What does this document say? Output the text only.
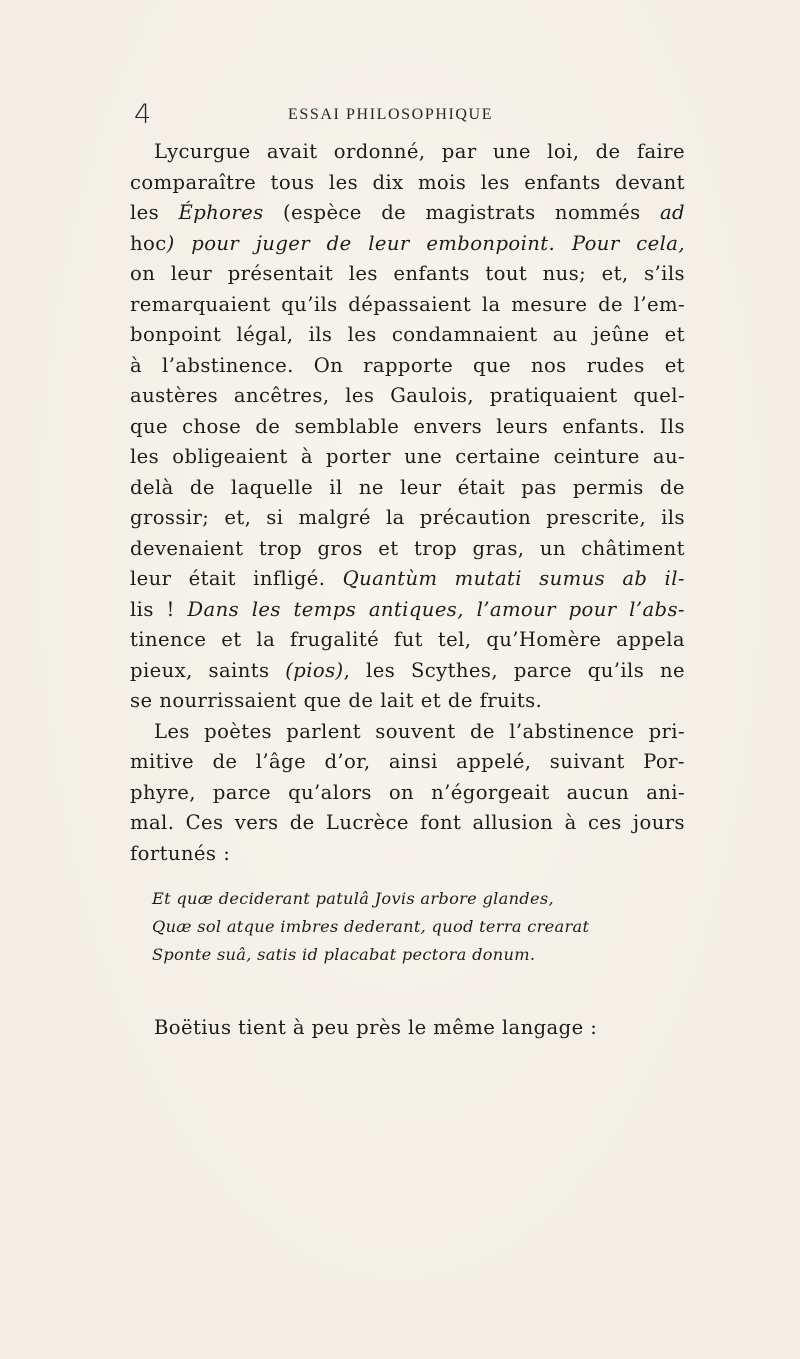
4	ESSAI PHILOSOPHIQUE
Lycurgue avait ordonné, par une loi, de faire
comparaître tous les dix mois les enfants devant
les Éphores (espèce de magistrats nommés ad
hoc) pour juger de leur embonpoint. Pour cela,
on leur présentait les enfants tout nus; et, s’ils
remarquaient qu’ils dépassaient la mesure de l’em-
bonpoint légal, ils les condamnaient au jeûne et
à l’abstinence. On rapporte que nos rudes et
austères ancêtres, les Gaulois, pratiquaient quel-
que chose de semblable envers leurs enfants. Ils
les obligeaient à porter une certaine ceinture au-
delà de laquelle il ne leur était pas permis de
grossir; et, si malgré la précaution prescrite, ils
devenaient trop gros et trop gras, un châtiment
leur était infligé. Quantùm mutati sumus ab il-
lis ! Dans les temps antiques, l’amour pour l’abs-
tinence et la frugalité fut tel, qu’Homère appela
pieux, saints (pios), les Scythes, parce qu’ils ne
se nourrissaient que de lait et de fruits.
Les poètes parlent souvent de l’abstinence pri-
mitive de l’âge d’or, ainsi appelé, suivant Por-
phyre, parce qu’alors on n’égorgeait aucun ani-
mal. Ces vers de Lucrèce font allusion à ces jours
fortunés :
Et quæ deciderant patulâ Jovis arbore glandes,
Quæ sol atque imbres dederant, quod terra crearat
Sponte suâ, satis id placabat pectora donum.
Boëtius tient à peu près le même langage :
